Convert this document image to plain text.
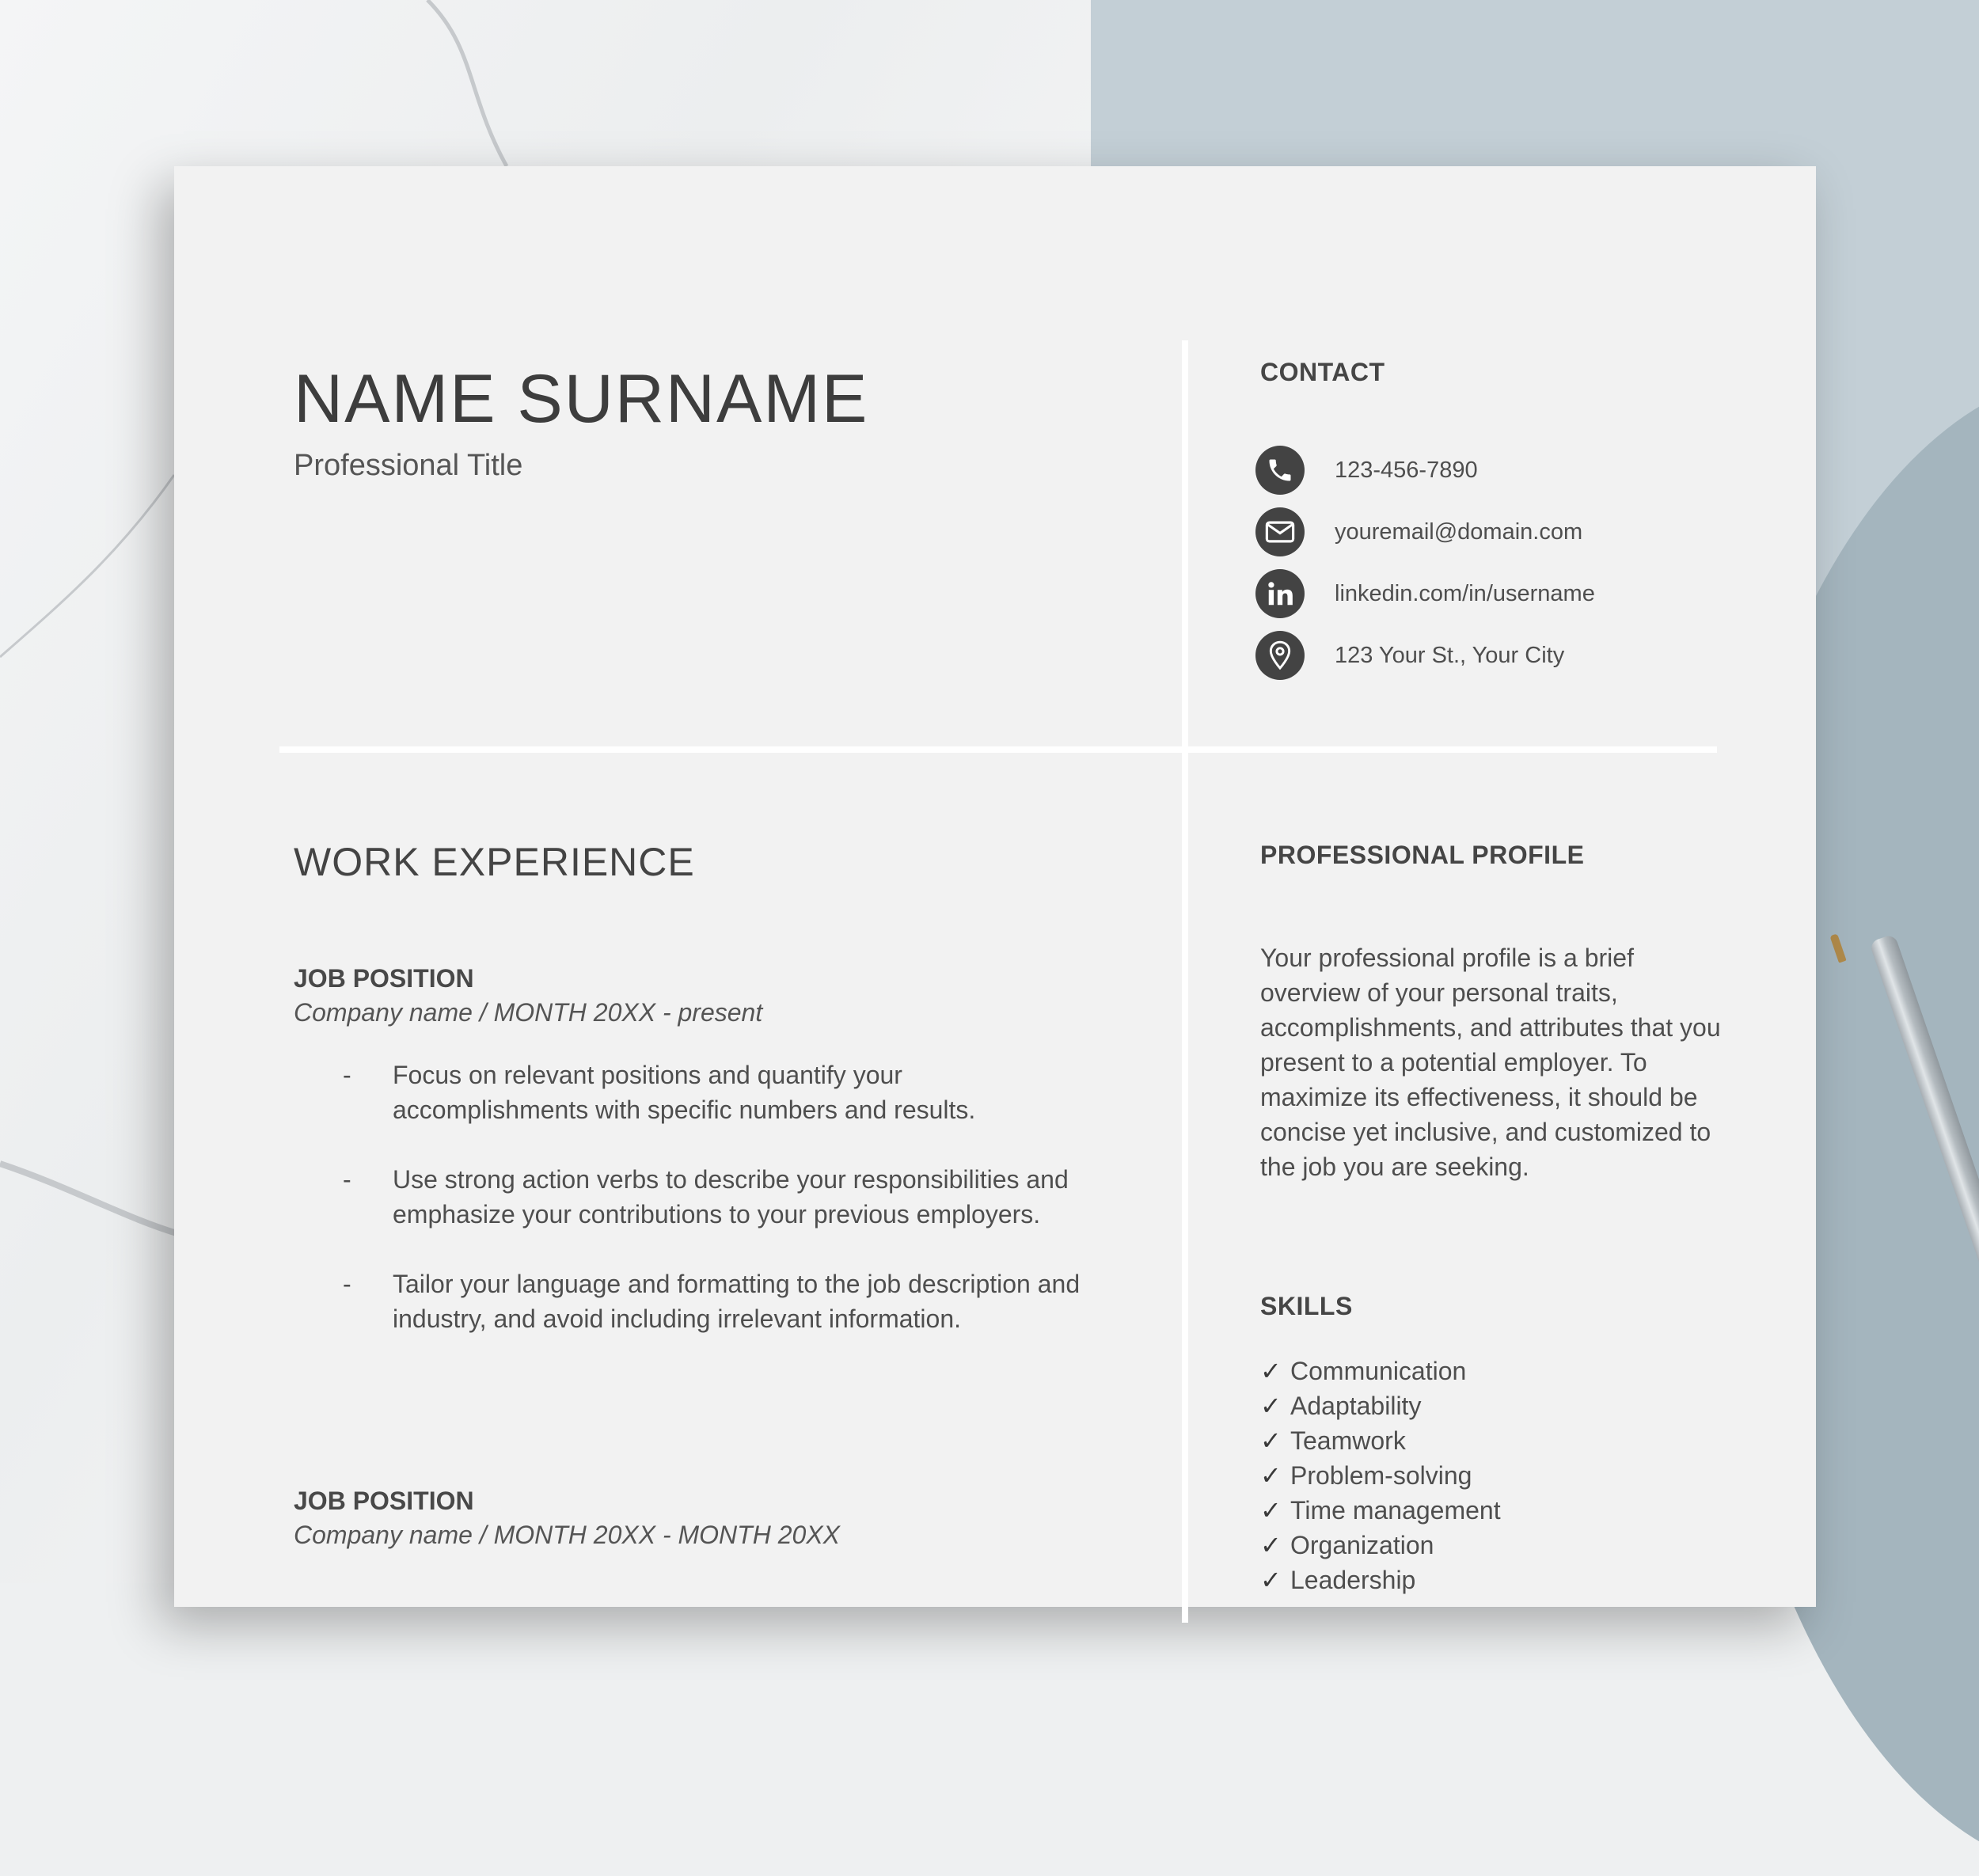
NAME SURNAME
Professional Title
CONTACT
123-456-7890
youremail@domain.com
linkedin.com/in/username
123 Your St., Your City
WORK EXPERIENCE
JOB POSITION
Company name / MONTH 20XX - present
- Focus on relevant positions and quantify your accomplishments with specific numbers and results.
- Use strong action verbs to describe your responsibilities and emphasize your contributions to your previous employers.
- Tailor your language and formatting to the job description and industry, and avoid including irrelevant information.
JOB POSITION
Company name / MONTH 20XX - MONTH 20XX
PROFESSIONAL PROFILE
Your professional profile is a brief overview of your personal traits, accomplishments, and attributes that you present to a potential employer. To maximize its effectiveness, it should be concise yet inclusive, and customized to the job you are seeking.
SKILLS
✓ Communication
✓ Adaptability
✓ Teamwork
✓ Problem-solving
✓ Time management
✓ Organization
✓ Leadership
